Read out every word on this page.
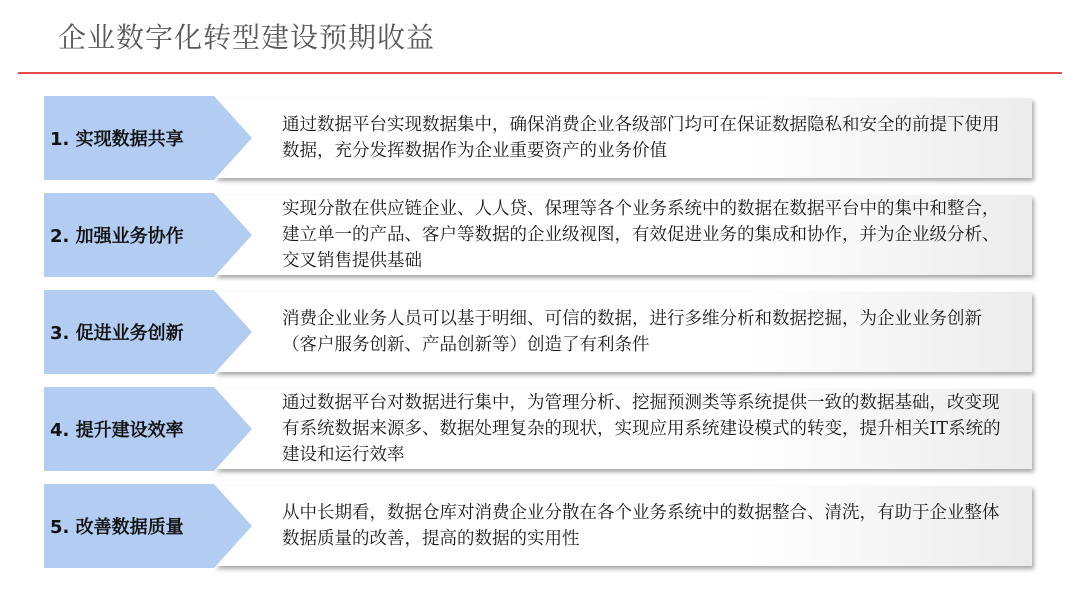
企业数字化转型建设预期收益
通过数据平台实现数据集中，确保消费企业各级部门均可在保证数据隐私和安全的前提下使用数据，充分发挥数据作为企业重要资产的业务价值
1. 实现数据共享
实现分散在供应链企业、人人贷、保理等各个业务系统中的数据在数据平台中的集中和整合，建立单一的产品、客户等数据的企业级视图，有效促进业务的集成和协作，并为企业级分析、交叉销售提供基础
2. 加强业务协作
消费企业业务人员可以基于明细、可信的数据，进行多维分析和数据挖掘，为企业业务创新（客户服务创新、产品创新等）创造了有利条件
3. 促进业务创新
通过数据平台对数据进行集中，为管理分析、挖掘预测类等系统提供一致的数据基础，改变现有系统数据来源多、数据处理复杂的现状，实现应用系统建设模式的转变，提升相关IT系统的建设和运行效率
4. 提升建设效率
从中长期看，数据仓库对消费企业分散在各个业务系统中的数据整合、清洗，有助于企业整体数据质量的改善，提高的数据的实用性
5. 改善数据质量
